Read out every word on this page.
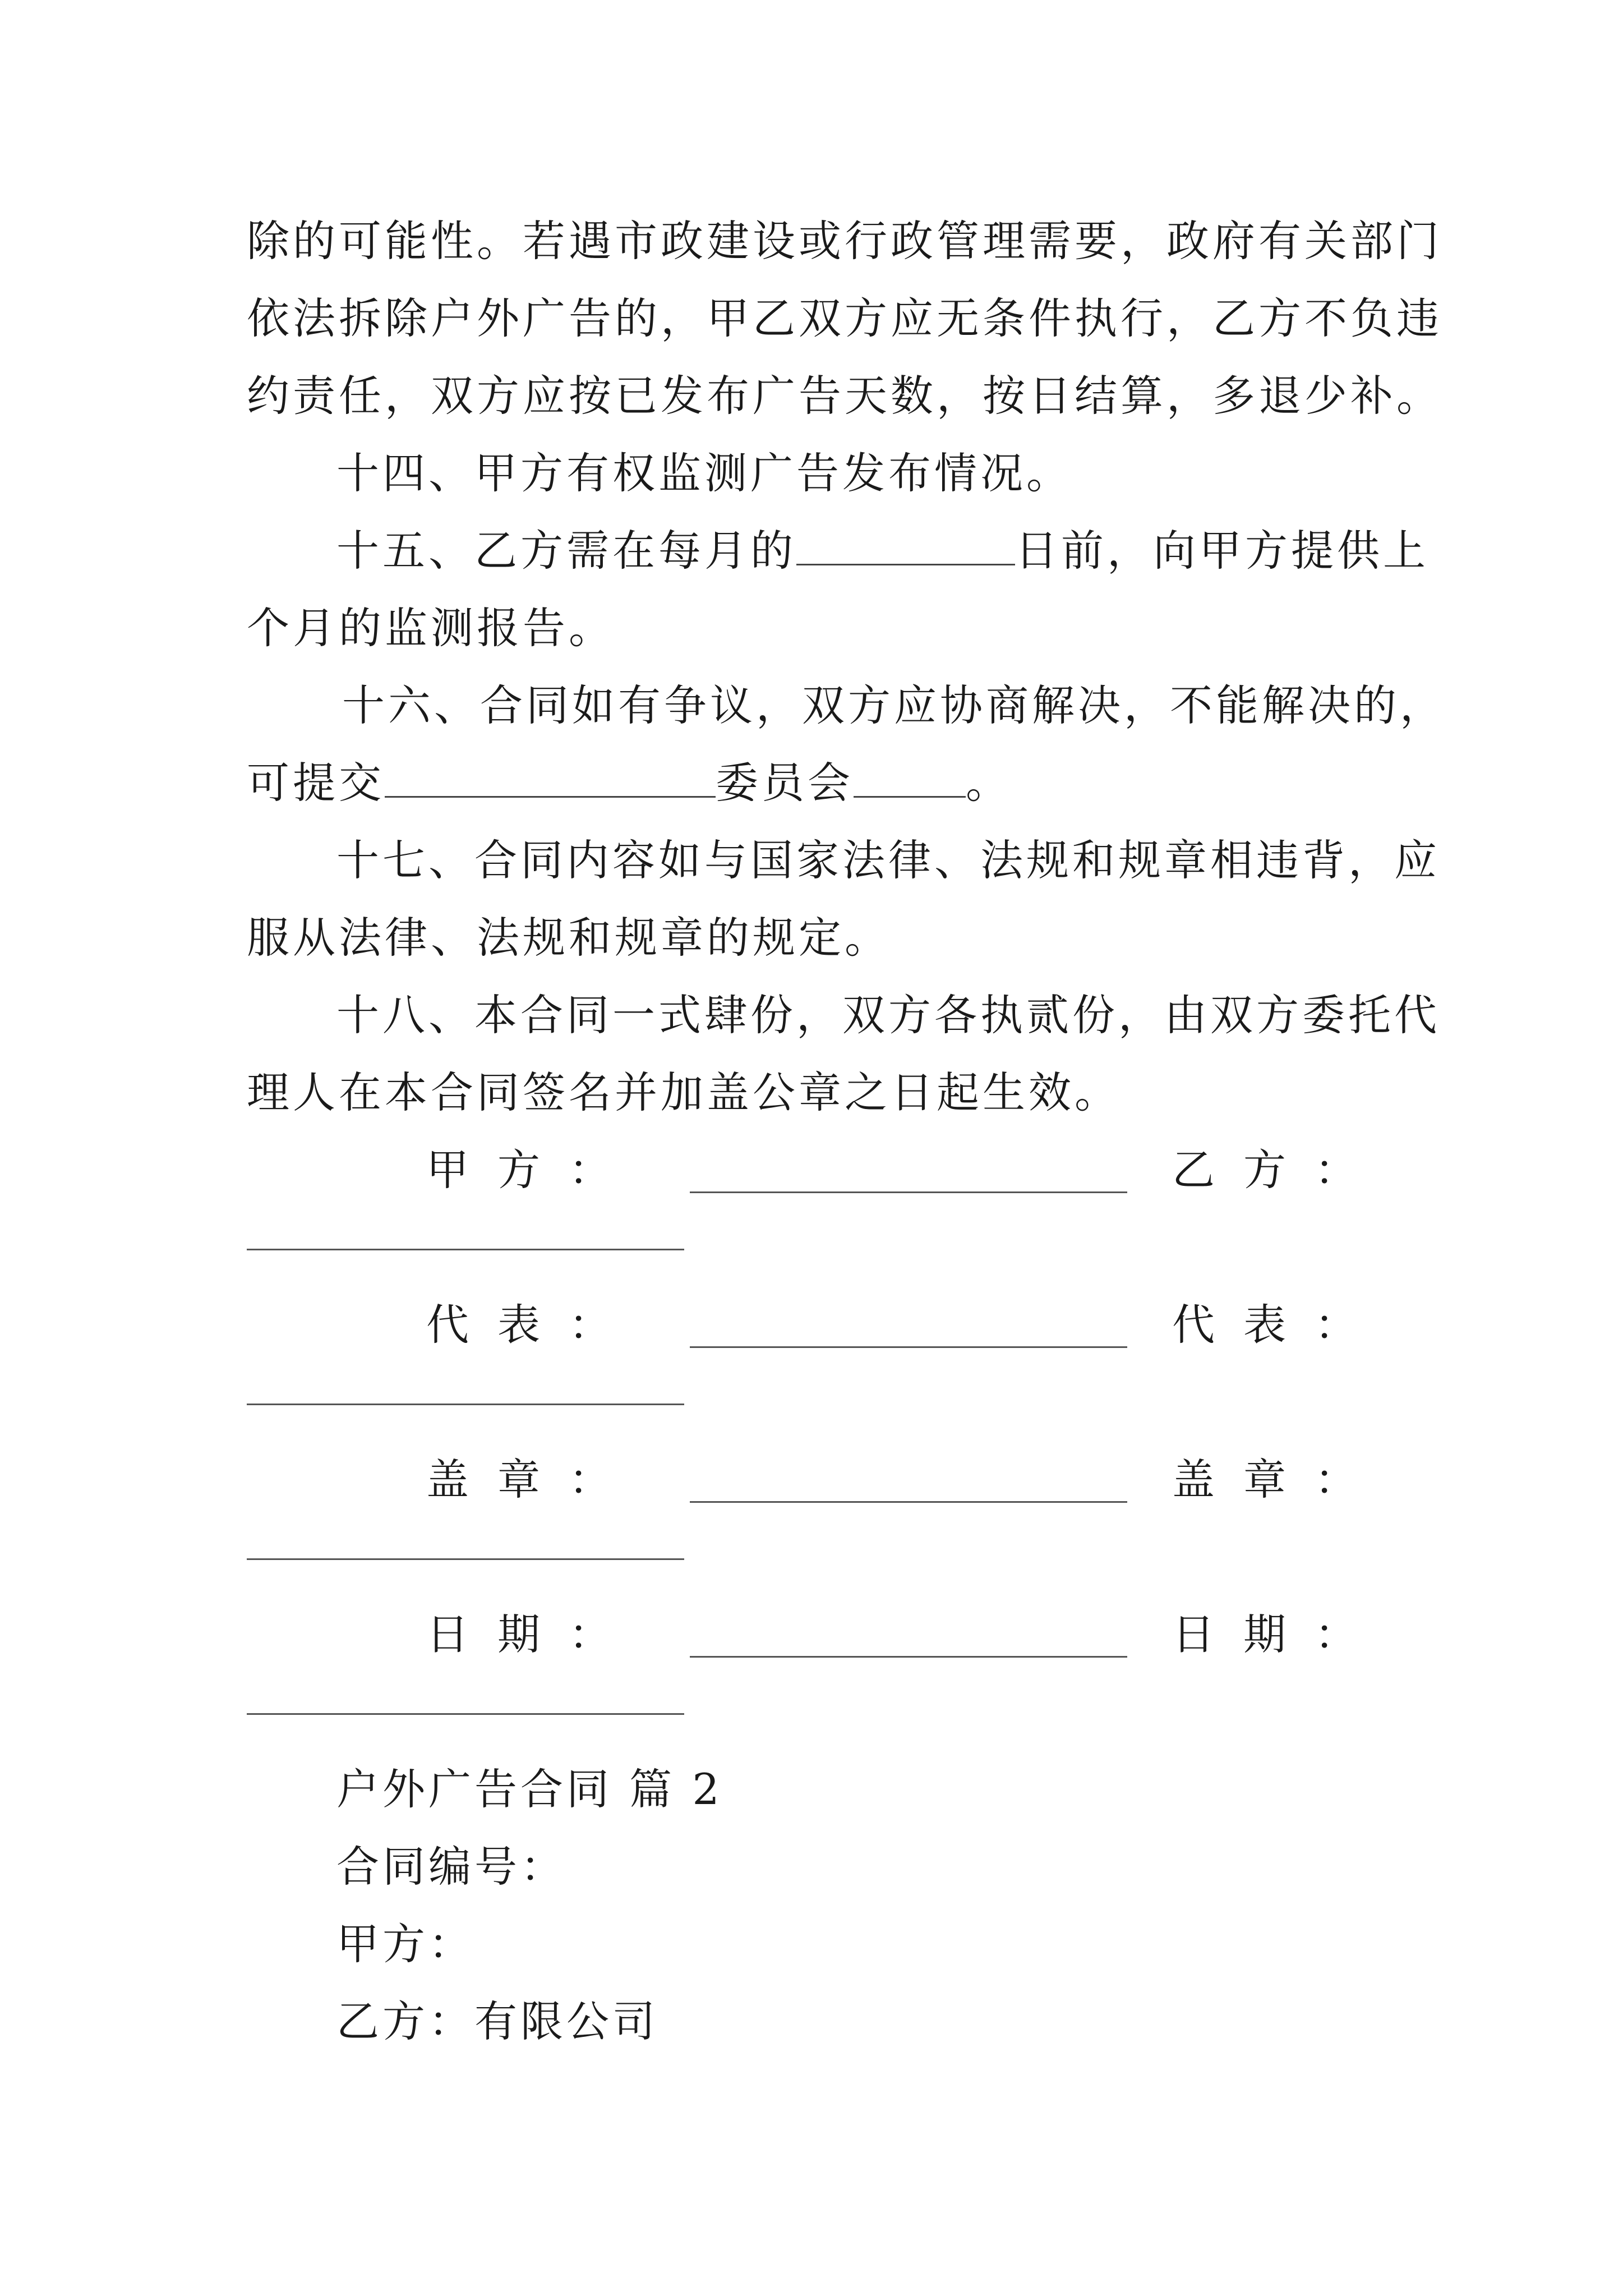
除的可能性。若遇市政建设或行政管理需要，政府有关部门
依法拆除户外广告的，甲乙双方应无条件执行，乙方不负违
约责任，双方应按已发布广告天数，按日结算，多退少补。
十四、甲方有权监测广告发布情况。
十五、乙方需在每月的	日前，向甲方提供上
个月的监测报告。
十六、合同如有争议，双方应协商解决，不能解决的，
可提交	委员会	。
十七、合同内容如与国家法律、法规和规章相违背，应
服从法律、法规和规章的规定。
十八、本合同一式肆份，双方各执贰份，由双方委托代
理人在本合同签名并加盖公章之日起生效。
甲 方 ：	乙 方 ：
代 表 ：	代 表 ：
盖 章 ：	盖 章 ：
日 期 ：	日 期 ：
户外广告合同 篇 2
合同编号：
甲方：
乙方：有限公司
